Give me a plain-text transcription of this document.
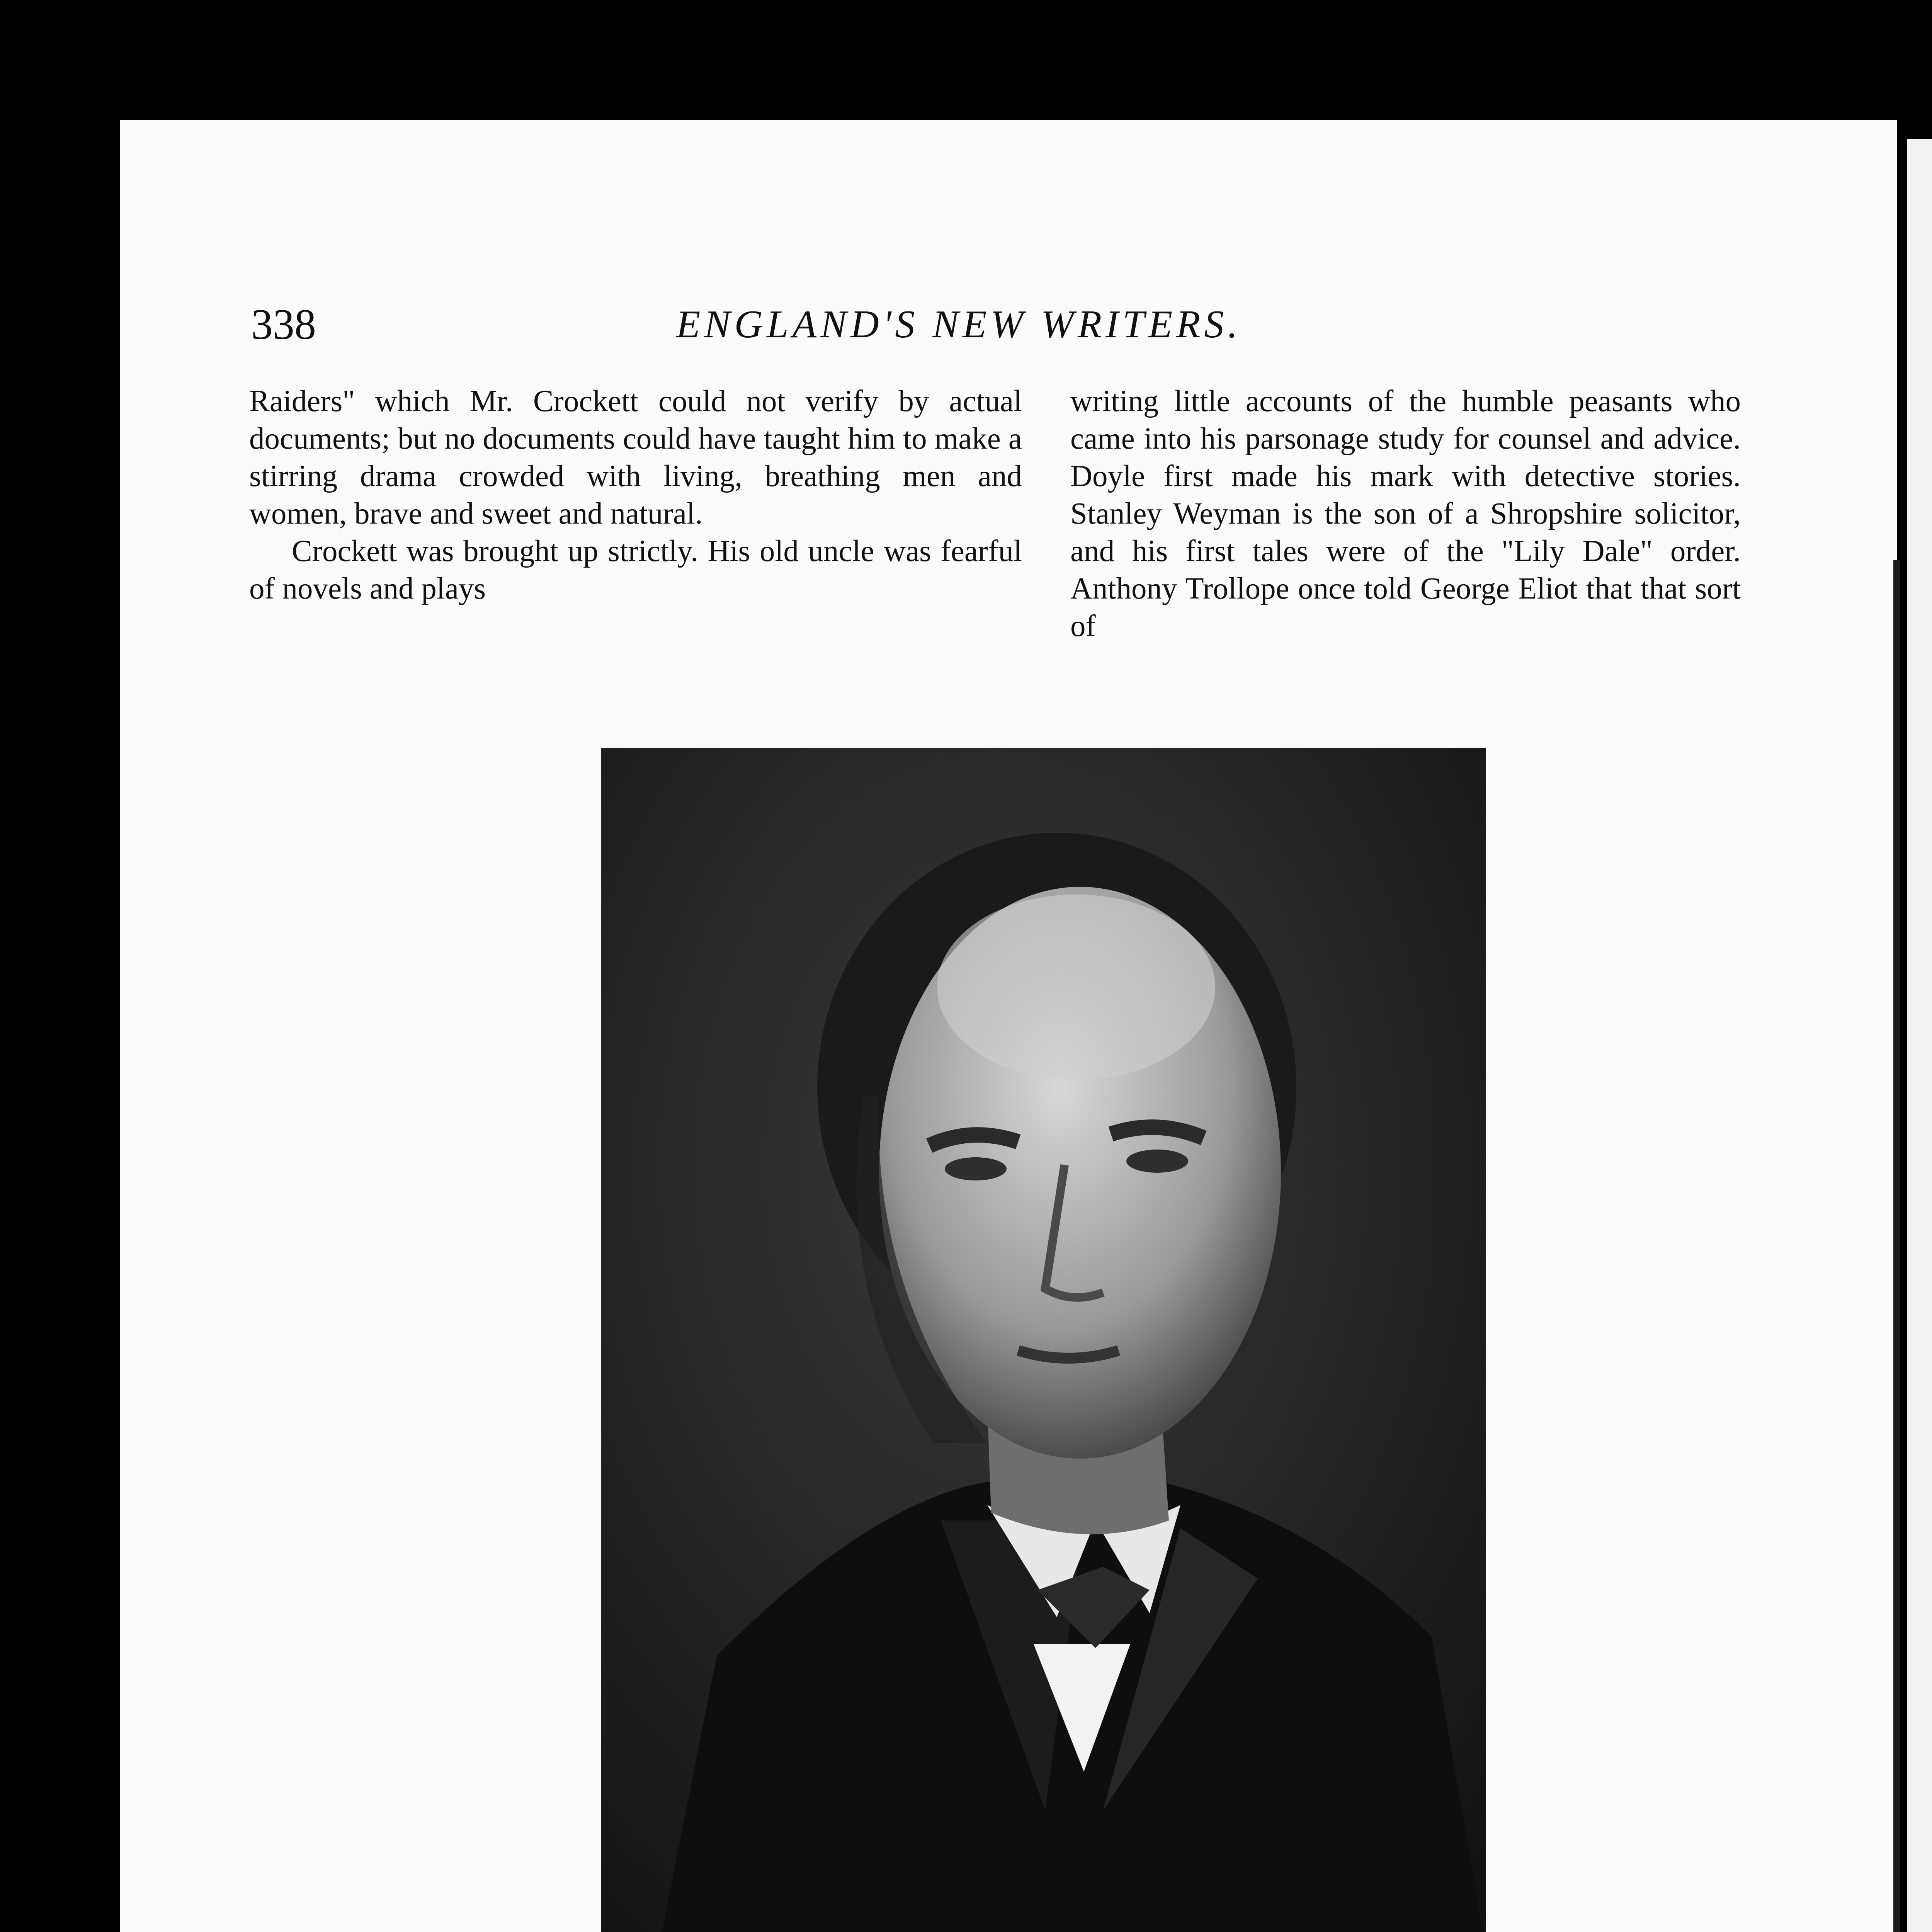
338	ENGLAND'S NEW WRITERS.

Raiders" which Mr. Crockett could not verify by actual documents; but no documents could have taught him to make a stirring drama crowded with living, breathing men and women, brave and sweet and natural.

Crockett was brought up strictly. His old uncle was fearful of novels and plays

writing little accounts of the humble peasants who came into his parsonage study for counsel and advice. Doyle first made his mark with detective stories. Stanley Weyman is the son of a Shropshire solicitor, and his first tales were of the "Lily Dale" order. Anthony Trollope once told George Eliot that that sort of
